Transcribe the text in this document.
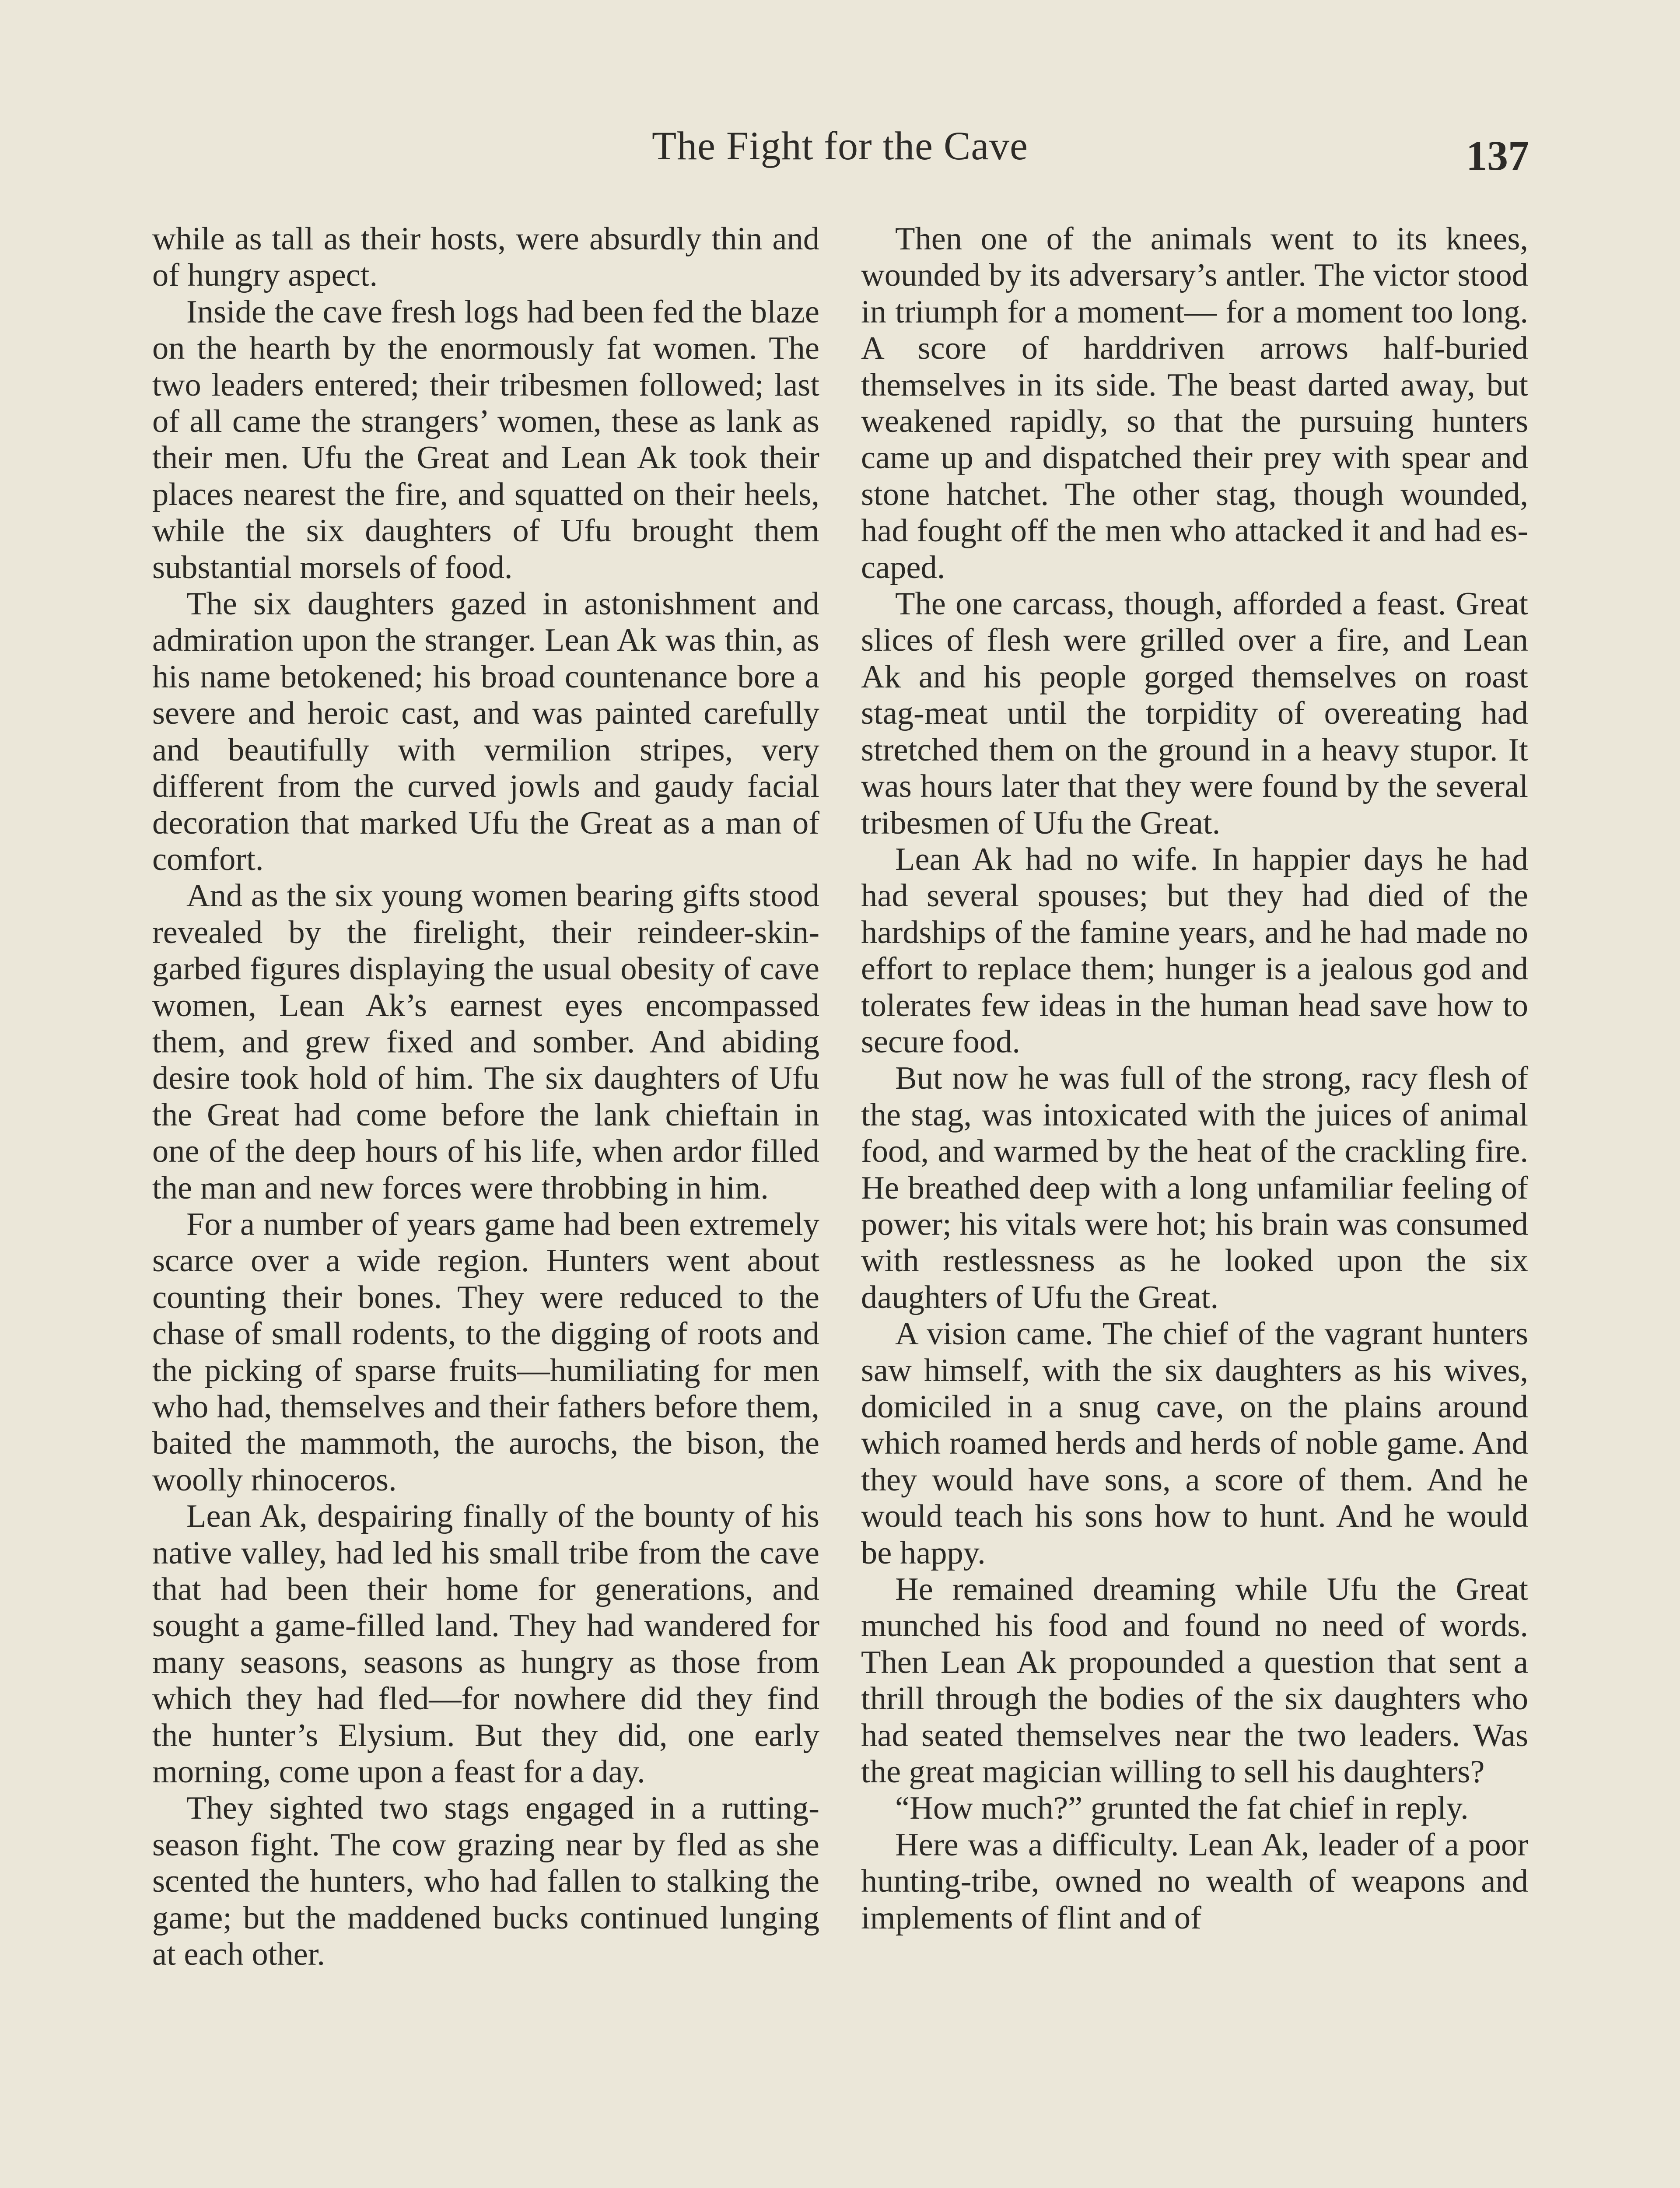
The Fight for the Cave	137

while as tall as their hosts, were absurdly thin and of hungry aspect.

Inside the cave fresh logs had been fed the blaze on the hearth by the enormously fat women. The two leaders entered; their tribesmen followed; last of all came the strangers’ women, these as lank as their men. Ufu the Great and Lean Ak took their places nearest the fire, and squatted on their heels, while the six daughters of Ufu brought them substantial morsels of food.

The six daughters gazed in astonishment and admiration upon the stranger. Lean Ak was thin, as his name betokened; his broad countenance bore a severe and heroic cast, and was painted carefully and beautifully with vermilion stripes, very different from the curved jowls and gaudy facial decoration that marked Ufu the Great as a man of comfort.

And as the six young women bearing gifts stood revealed by the firelight, their reindeer-skin-garbed figures displaying the usual obesity of cave women, Lean Ak’s earnest eyes encompassed them, and grew fixed and somber. And abiding desire took hold of him. The six daughters of Ufu the Great had come before the lank chieftain in one of the deep hours of his life, when ardor filled the man and new forces were throbbing in him.

For a number of years game had been extremely scarce over a wide region. Hunters went about counting their bones. They were reduced to the chase of small rodents, to the digging of roots and the picking of sparse fruits—humiliating for men who had, themselves and their fathers before them, baited the mammoth, the aurochs, the bison, the woolly rhinoceros.

Lean Ak, despairing finally of the bounty of his native valley, had led his small tribe from the cave that had been their home for generations, and sought a game-filled land. They had wandered for many seasons, seasons as hungry as those from which they had fled—for nowhere did they find the hunter’s Elysium. But they did, one early morning, come upon a feast for a day.

They sighted two stags engaged in a rutting-season fight. The cow grazing near by fled as she scented the hunters, who had fallen to stalking the game; but the maddened bucks continued lunging at each other.

Then one of the animals went to its knees, wounded by its adversary’s antler. The victor stood in triumph for a moment— for a moment too long. A score of harddriven arrows half-buried themselves in its side. The beast darted away, but weakened rapidly, so that the pursuing hunters came up and dispatched their prey with spear and stone hatchet. The other stag, though wounded, had fought off the men who attacked it and had escaped.

The one carcass, though, afforded a feast. Great slices of flesh were grilled over a fire, and Lean Ak and his people gorged themselves on roast stag-meat until the torpidity of overeating had stretched them on the ground in a heavy stupor. It was hours later that they were found by the several tribesmen of Ufu the Great.

Lean Ak had no wife. In happier days he had had several spouses; but they had died of the hardships of the famine years, and he had made no effort to replace them; hunger is a jealous god and tolerates few ideas in the human head save how to secure food.

But now he was full of the strong, racy flesh of the stag, was intoxicated with the juices of animal food, and warmed by the heat of the crackling fire. He breathed deep with a long unfamiliar feeling of power; his vitals were hot; his brain was consumed with restlessness as he looked upon the six daughters of Ufu the Great.

A vision came. The chief of the vagrant hunters saw himself, with the six daughters as his wives, domiciled in a snug cave, on the plains around which roamed herds and herds of noble game. And they would have sons, a score of them. And he would teach his sons how to hunt. And he would be happy.

He remained dreaming while Ufu the Great munched his food and found no need of words. Then Lean Ak propounded a question that sent a thrill through the bodies of the six daughters who had seated themselves near the two leaders. Was the great magician willing to sell his daughters?

“How much?” grunted the fat chief in reply.

Here was a difficulty. Lean Ak, leader of a poor hunting-tribe, owned no wealth of weapons and implements of flint and of
